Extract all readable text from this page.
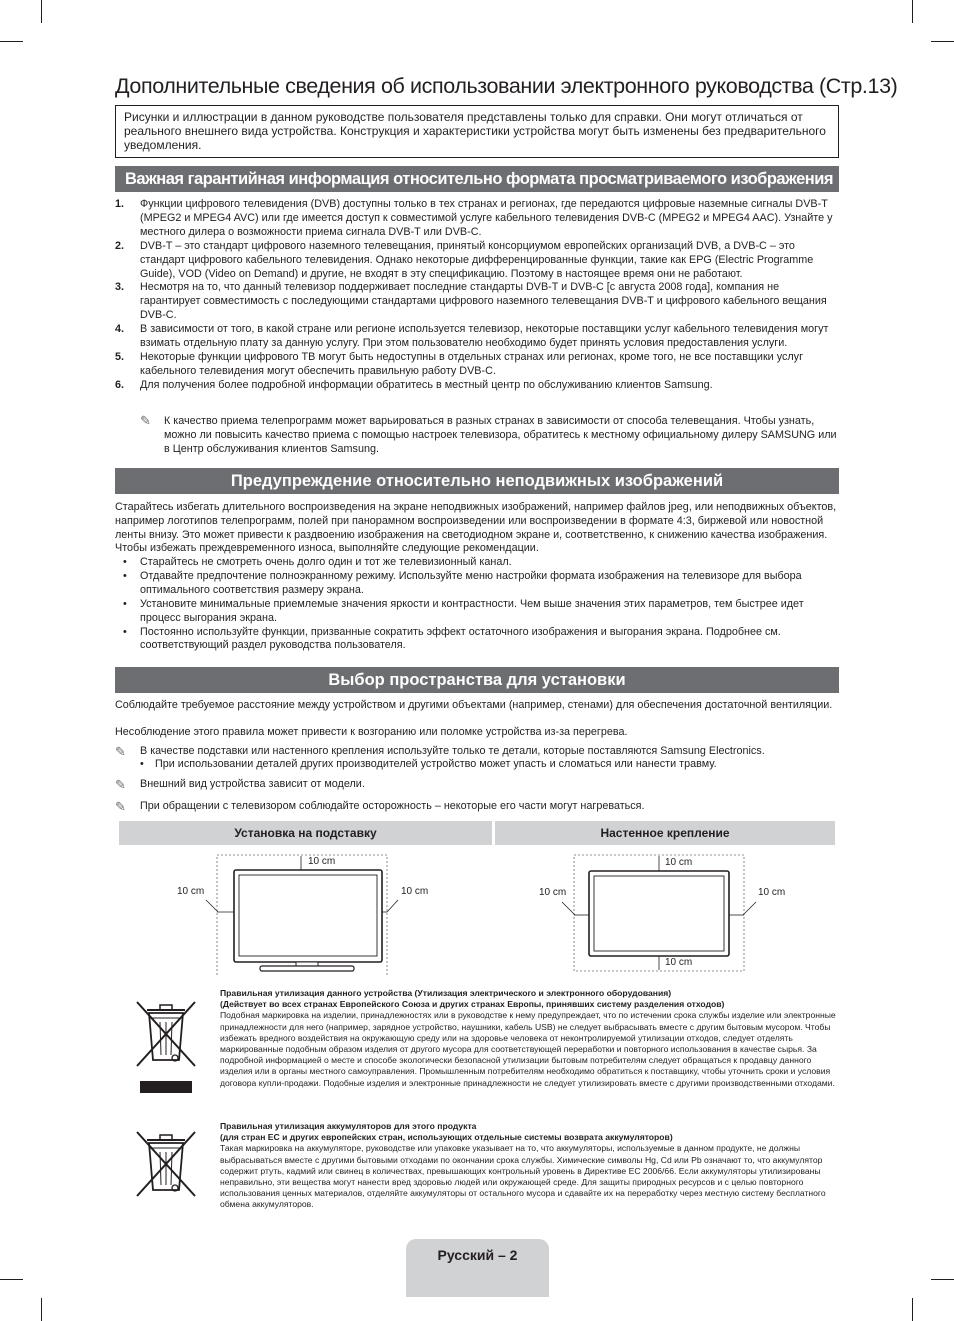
Дополнительные сведения об использовании электронного руководства (Стр.13)
Рисунки и иллюстрации в данном руководстве пользователя представлены только для справки. Они могут отличаться от реального внешнего вида устройства. Конструкция и характеристики устройства могут быть изменены без предварительного уведомления.
Важная гарантийная информация относительно формата просматриваемого изображения
1. Функции цифрового телевидения (DVB) доступны только в тех странах и регионах, где передаются цифровые наземные сигналы DVB-T (MPEG2 и MPEG4 AVC) или где имеется доступ к совместимой услуге кабельного телевидения DVB-C (MPEG2 и MPEG4 AAC). Узнайте у местного дилера о возможности приема сигнала DVB-T или DVB-C.
2. DVB-T – это стандарт цифрового наземного телевещания, принятый консорциумом европейских организаций DVB, а DVB-C – это стандарт цифрового кабельного телевидения. Однако некоторые дифференцированные функции, такие как EPG (Electric Programme Guide), VOD (Video on Demand) и другие, не входят в эту спецификацию. Поэтому в настоящее время они не работают.
3. Несмотря на то, что данный телевизор поддерживает последние стандарты DVB-T и DVB-C [с августа 2008 года], компания не гарантирует совместимость с последующими стандартами цифрового наземного телевещания DVB-T и цифрового кабельного вещания DVB-C.
4. В зависимости от того, в какой стране или регионе используется телевизор, некоторые поставщики услуг кабельного телевидения могут взимать отдельную плату за данную услугу. При этом пользователю необходимо будет принять условия предоставления услуги.
5. Некоторые функции цифрового ТВ могут быть недоступны в отдельных странах или регионах, кроме того, не все поставщики услуг кабельного телевидения могут обеспечить правильную работу DVB-C.
6. Для получения более подробной информации обратитесь в местный центр по обслуживанию клиентов Samsung.
✎ К качество приема телепрограмм может варьироваться в разных странах в зависимости от способа телевещания. Чтобы узнать, можно ли повысить качество приема с помощью настроек телевизора, обратитесь к местному официальному дилеру SAMSUNG или в Центр обслуживания клиентов Samsung.
Предупреждение относительно неподвижных изображений
Старайтесь избегать длительного воспроизведения на экране неподвижных изображений, например файлов jpeg, или неподвижных объектов, например логотипов телепрограмм, полей при панорамном воспроизведении или воспроизведении в формате 4:3, биржевой или новостной ленты внизу. Это может привести к раздвоению изображения на светодиодном экране и, соответственно, к снижению качества изображения. Чтобы избежать преждевременного износа, выполняйте следующие рекомендации.
• Старайтесь не смотреть очень долго один и тот же телевизионный канал.
• Отдавайте предпочтение полноэкранному режиму. Используйте меню настройки формата изображения на телевизоре для выбора оптимального соответствия размеру экрана.
• Установите минимальные приемлемые значения яркости и контрастности. Чем выше значения этих параметров, тем быстрее идет процесс выгорания экрана.
• Постоянно используйте функции, призванные сократить эффект остаточного изображения и выгорания экрана. Подробнее см. соответствующий раздел руководства пользователя.
Выбор пространства для установки
Соблюдайте требуемое расстояние между устройством и другими объектами (например, стенами) для обеспечения достаточной вентиляции.
Несоблюдение этого правила может привести к возгоранию или поломке устройства из-за перегрева.
✎ В качестве подставки или настенного крепления используйте только те детали, которые поставляются Samsung Electronics.
• При использовании деталей других производителей устройство может упасть и сломаться или нанести травму.
✎ Внешний вид устройства зависит от модели.
✎ При обращении с телевизором соблюдайте осторожность – некоторые его части могут нагреваться.
Установка на подставку	Настенное крепление
10 cm
10 cm	10 cm
10 cm
10 cm
10 cm	10 cm
Правильная утилизация данного устройства (Утилизация электрического и электронного оборудования)
(Действует во всех странах Европейского Союза и других странах Европы, принявших систему разделения отходов)
Подобная маркировка на изделии, принадлежностях или в руководстве к нему предупреждает, что по истечении срока службы изделие или электронные принадлежности для него (например, зарядное устройство, наушники, кабель USB) не следует выбрасывать вместе с другим бытовым мусором. Чтобы избежать вредного воздействия на окружающую среду или на здоровье человека от неконтролируемой утилизации отходов, следует отделять маркированные подобным образом изделия от другого мусора для соответствующей переработки и повторного использования в качестве сырья. За подробной информацией о месте и способе экологически безопасной утилизации бытовым потребителям следует обращаться к продавцу данного изделия или в органы местного самоуправления. Промышленным потребителям необходимо обратиться к поставщику, чтобы уточнить сроки и условия договора купли-продажи. Подобные изделия и электронные принадлежности не следует утилизировать вместе с другими производственными отходами.
Правильная утилизация аккумуляторов для этого продукта
(для стран ЕС и других европейских стран, использующих отдельные системы возврата аккумуляторов)
Такая маркировка на аккумуляторе, руководстве или упаковке указывает на то, что аккумуляторы, используемые в данном продукте, не должны выбрасываться вместе с другими бытовыми отходами по окончании срока службы. Химические символы Hg, Cd или Pb означают то, что аккумулятор содержит ртуть, кадмий или свинец в количествах, превышающих контрольный уровень в Директиве ЕС 2006/66. Если аккумуляторы утилизированы неправильно, эти вещества могут нанести вред здоровью людей или окружающей среде. Для защиты природных ресурсов и с целью повторного использования ценных материалов, отделяйте аккумуляторы от остального мусора и сдавайте их на переработку через местную систему бесплатного обмена аккумуляторов.
Русский – 2
